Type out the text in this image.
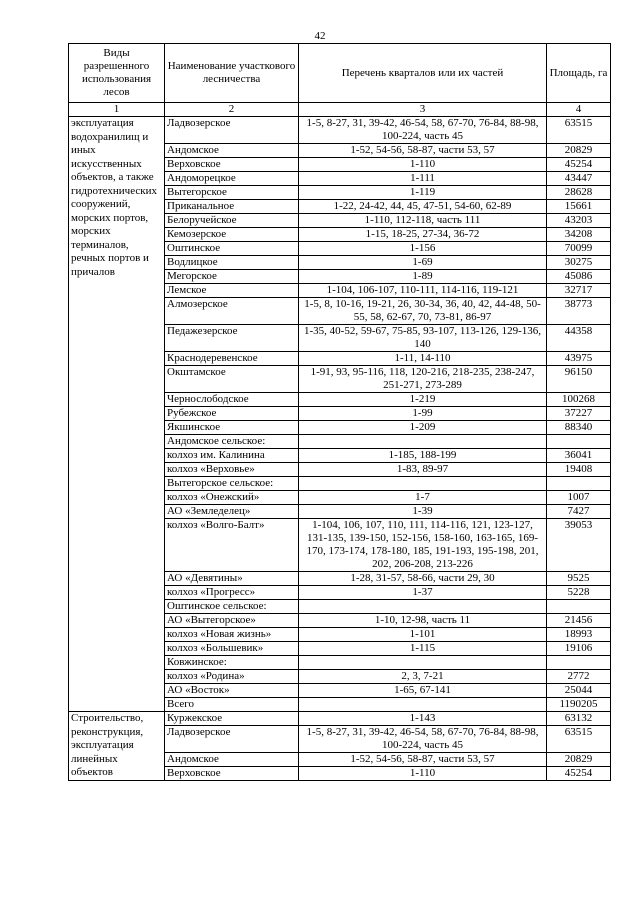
42
Виды разрешенного использования лесов	Наименование участкового лесничества	Перечень кварталов или их частей	Площадь, га
1	2	3	4
эксплуатация водохранилищ и иных искусственных объектов, а также гидротехнических сооружений, морских портов, морских терминалов, речных портов и причалов	Ладвозерское	1-5, 8-27, 31, 39-42, 46-54, 58, 67-70, 76-84, 88-98, 100-224, часть 45	63515
	Андомское	1-52, 54-56, 58-87, части 53, 57	20829
	Верховское	1-110	45254
	Андоморецкое	1-111	43447
	Вытегорское	1-119	28628
	Приканальное	1-22, 24-42, 44, 45, 47-51, 54-60, 62-89	15661
	Белоручейское	1-110, 112-118, часть 111	43203
	Кемозерское	1-15, 18-25, 27-34, 36-72	34208
	Оштинское	1-156	70099
	Водлицкое	1-69	30275
	Мегорское	1-89	45086
	Лемское	1-104, 106-107, 110-111, 114-116, 119-121	32717
	Алмозерское	1-5, 8, 10-16, 19-21, 26, 30-34, 36, 40, 42, 44-48, 50-55, 58, 62-67, 70, 73-81, 86-97	38773
	Педажезерское	1-35, 40-52, 59-67, 75-85, 93-107, 113-126, 129-136, 140	44358
	Краснодеревенское	1-11, 14-110	43975
	Окштамское	1-91, 93, 95-116, 118, 120-216, 218-235, 238-247, 251-271, 273-289	96150
	Чернослободское	1-219	100268
	Рубежское	1-99	37227
	Якшинское	1-209	88340
	Андомское сельское:		
	колхоз им. Калинина	1-185, 188-199	36041
	колхоз «Верховье»	1-83, 89-97	19408
	Вытегорское сельское:		
	колхоз «Онежский»	1-7	1007
	АО «Земледелец»	1-39	7427
	колхоз «Волго-Балт»	1-104, 106, 107, 110, 111, 114-116, 121, 123-127, 131-135, 139-150, 152-156, 158-160, 163-165, 169-170, 173-174, 178-180, 185, 191-193, 195-198, 201, 202, 206-208, 213-226	39053
	АО «Девятины»	1-28, 31-57, 58-66, части 29, 30	9525
	колхоз «Прогресс»	1-37	5228
	Оштинское сельское:		
	АО «Вытегорское»	1-10, 12-98, часть 11	21456
	колхоз «Новая жизнь»	1-101	18993
	колхоз «Большевик»	1-115	19106
	Ковжинское:		
	колхоз «Родина»	2, 3, 7-21	2772
	АО «Восток»	1-65, 67-141	25044
	Всего		1190205
Строительство, реконструкция, эксплуатация линейных объектов	Куржекское	1-143	63132
	Ладвозерское	1-5, 8-27, 31, 39-42, 46-54, 58, 67-70, 76-84, 88-98, 100-224, часть 45	63515
	Андомское	1-52, 54-56, 58-87, части 53, 57	20829
	Верховское	1-110	45254
